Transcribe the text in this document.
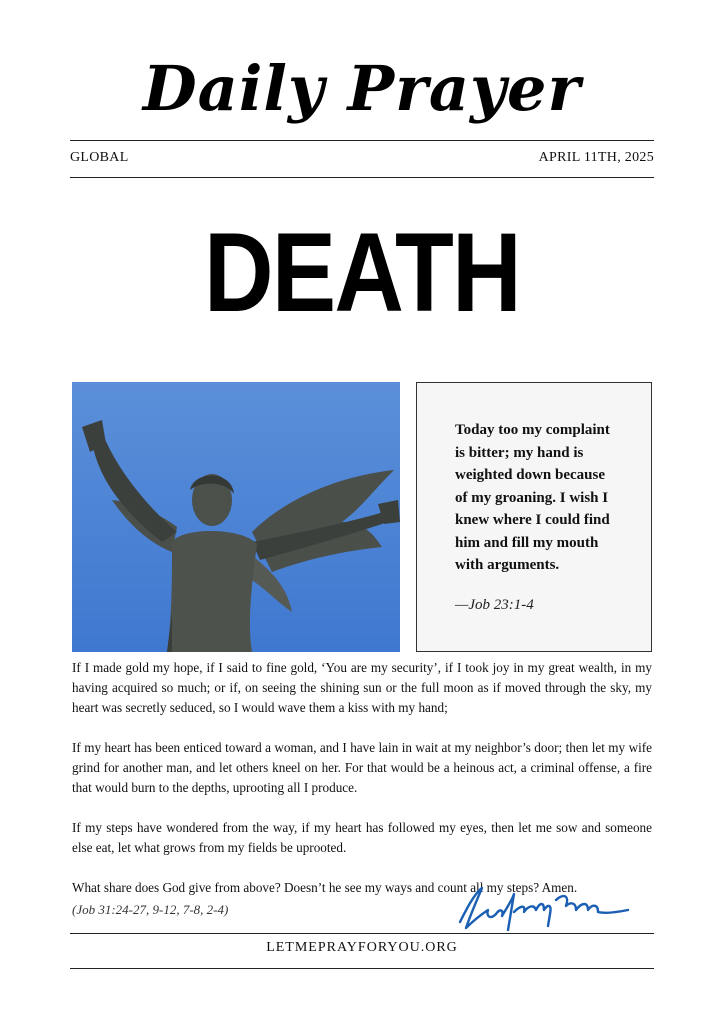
Daily Prayer
GLOBAL	APRIL 11TH, 2025
DEATH
Today too my complaint is bitter; my hand is weighted down because of my groaning. I wish I knew where I could find him and fill my mouth with arguments.
—Job 23:1-4

If I made gold my hope, if I said to fine gold, ‘You are my security’, if I took joy in my great wealth, in my having acquired so much; or if, on seeing the shining sun or the full moon as if moved through the sky, my heart was secretly seduced, so I would wave them a kiss with my hand;

If my heart has been enticed toward a woman, and I have lain in wait at my neighbor’s door; then let my wife grind for another man, and let others kneel on her. For that would be a heinous act, a criminal offense, a fire that would burn to the depths, uprooting all I produce.

If my steps have wondered from the way, if my heart has followed my eyes, then let me sow and someone else eat, let what grows from my fields be uprooted.

What share does God give from above? Doesn’t he see my ways and count all my steps? Amen.

(Job 31:24-27, 9-12, 7-8, 2-4)
LETMEPRAYFORYOU.ORG
